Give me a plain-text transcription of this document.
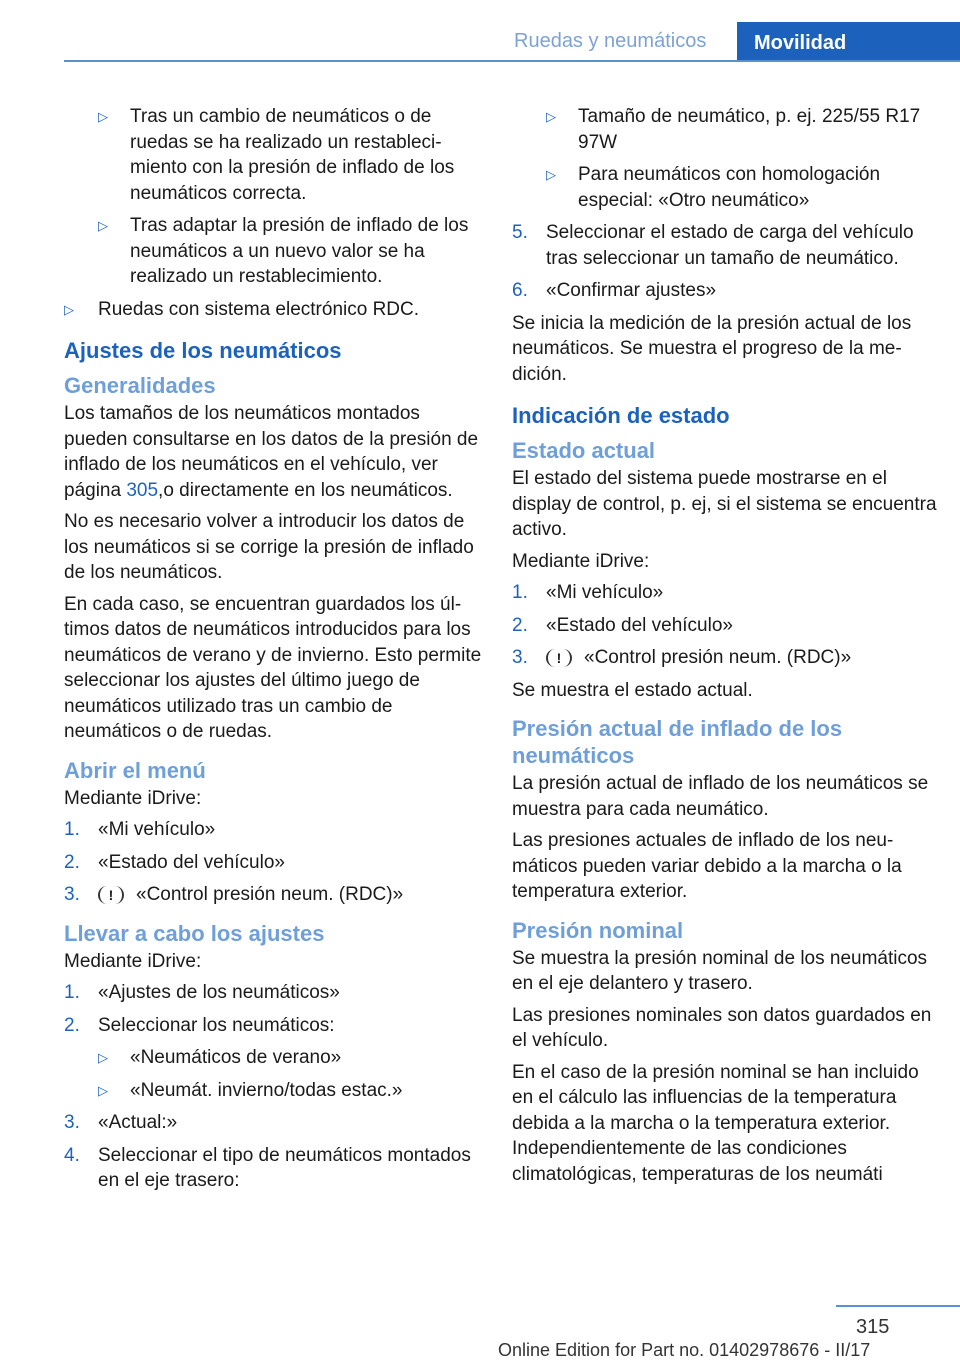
Ruedas y neumáticos	Movilidad
▷ Tras un cambio de neumáticos o de ruedas se ha realizado un restablecimiento con la presión de inflado de los neumáticos correcta.
▷ Tras adaptar la presión de inflado de los neumáticos a un nuevo valor se ha realizado un restablecimiento.
▷ Ruedas con sistema electrónico RDC.
Ajustes de los neumáticos
Generalidades

Los tamaños de los neumáticos montados pueden consultarse en los datos de la presión de inflado de los neumáticos en el vehículo, ver página 305,o directamente en los neumáticos.

No es necesario volver a introducir los datos de los neumáticos si se corrige la presión de inflado de los neumáticos.

En cada caso, se encuentran guardados los últimos datos de neumáticos introducidos para los neumáticos de verano y de invierno. Esto permite seleccionar los ajustes del último juego de neumáticos utilizado tras un cambio de neumáticos o de ruedas.

Abrir el menú

Mediante iDrive:

1. «Mi vehículo»
2. «Estado del vehículo»
3. ! «Control presión neum. (RDC)»
Llevar a cabo los ajustes

Mediante iDrive:

1. «Ajustes de los neumáticos»
2. Seleccionar los neumáticos:
▷ «Neumáticos de verano»
▷ «Neumát. invierno/todas estac.»
3. «Actual:»
4. Seleccionar el tipo de neumáticos montados en el eje trasero:
▷ Tamaño de neumático, p. ej. 225/55 R17 97W
▷ Para neumáticos con homologación especial: «Otro neumático»
5. Seleccionar el estado de carga del vehículo tras seleccionar un tamaño de neumático.
6. «Confirmar ajustes»

Se inicia la medición de la presión actual de los neumáticos. Se muestra el progreso de la medición.

Indicación de estado
Estado actual

El estado del sistema puede mostrarse en el display de control, p. ej, si el sistema se encuentra activo.

Mediante iDrive:

1. «Mi vehículo»
2. «Estado del vehículo»
3. ! «Control presión neum. (RDC)»

Se muestra el estado actual.

Presión actual de inflado de los neumáticos

La presión actual de inflado de los neumáticos se muestra para cada neumático.

Las presiones actuales de inflado de los neumáticos pueden variar debido a la marcha o la temperatura exterior.

Presión nominal

Se muestra la presión nominal de los neumáticos en el eje delantero y trasero.

Las presiones nominales son datos guardados en el vehículo.

En el caso de la presión nominal se han incluido en el cálculo las influencias de la temperatura debida a la marcha o la temperatura exterior. Independientemente de las condiciones climatológicas, temperaturas de los neumáti

315
Online Edition for Part no. 01402978676 - II/17
